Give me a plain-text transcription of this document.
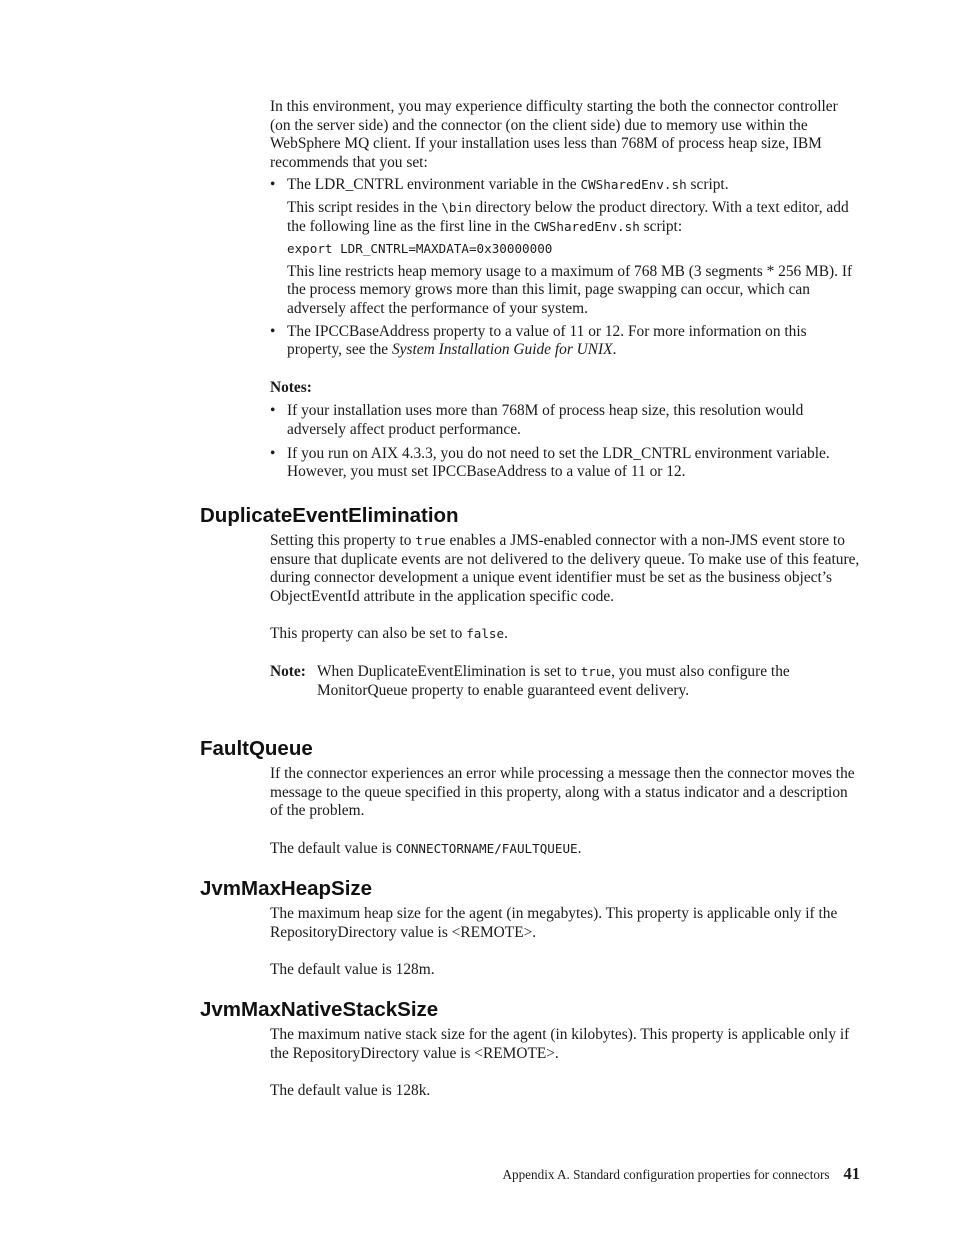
In this environment, you may experience difficulty starting the both the connector controller (on the server side) and the connector (on the client side) due to memory use within the WebSphere MQ client. If your installation uses less than 768M of process heap size, IBM recommends that you set:

• The LDR_CNTRL environment variable in the CWSharedEnv.sh script.

This script resides in the \bin directory below the product directory. With a text editor, add the following line as the first line in the CWSharedEnv.sh script:

export LDR_CNTRL=MAXDATA=0x30000000

This line restricts heap memory usage to a maximum of 768 MB (3 segments * 256 MB). If the process memory grows more than this limit, page swapping can occur, which can adversely affect the performance of your system.

• The IPCCBaseAddress property to a value of 11 or 12. For more information on this property, see the System Installation Guide for UNIX.

Notes:

• If your installation uses more than 768M of process heap size, this resolution would adversely affect product performance.

• If you run on AIX 4.3.3, you do not need to set the LDR_CNTRL environment variable. However, you must set IPCCBaseAddress to a value of 11 or 12.

DuplicateEventElimination

Setting this property to true enables a JMS-enabled connector with a non-JMS event store to ensure that duplicate events are not delivered to the delivery queue. To make use of this feature, during connector development a unique event identifier must be set as the business object’s ObjectEventId attribute in the application specific code.

This property can also be set to false.

Note: When DuplicateEventElimination is set to true, you must also configure the MonitorQueue property to enable guaranteed event delivery.

FaultQueue

If the connector experiences an error while processing a message then the connector moves the message to the queue specified in this property, along with a status indicator and a description of the problem.

The default value is CONNECTORNAME/FAULTQUEUE.

JvmMaxHeapSize

The maximum heap size for the agent (in megabytes). This property is applicable only if the RepositoryDirectory value is <REMOTE>.

The default value is 128m.

JvmMaxNativeStackSize

The maximum native stack size for the agent (in kilobytes). This property is applicable only if the RepositoryDirectory value is <REMOTE>.

The default value is 128k.

Appendix A. Standard configuration properties for connectors 41
